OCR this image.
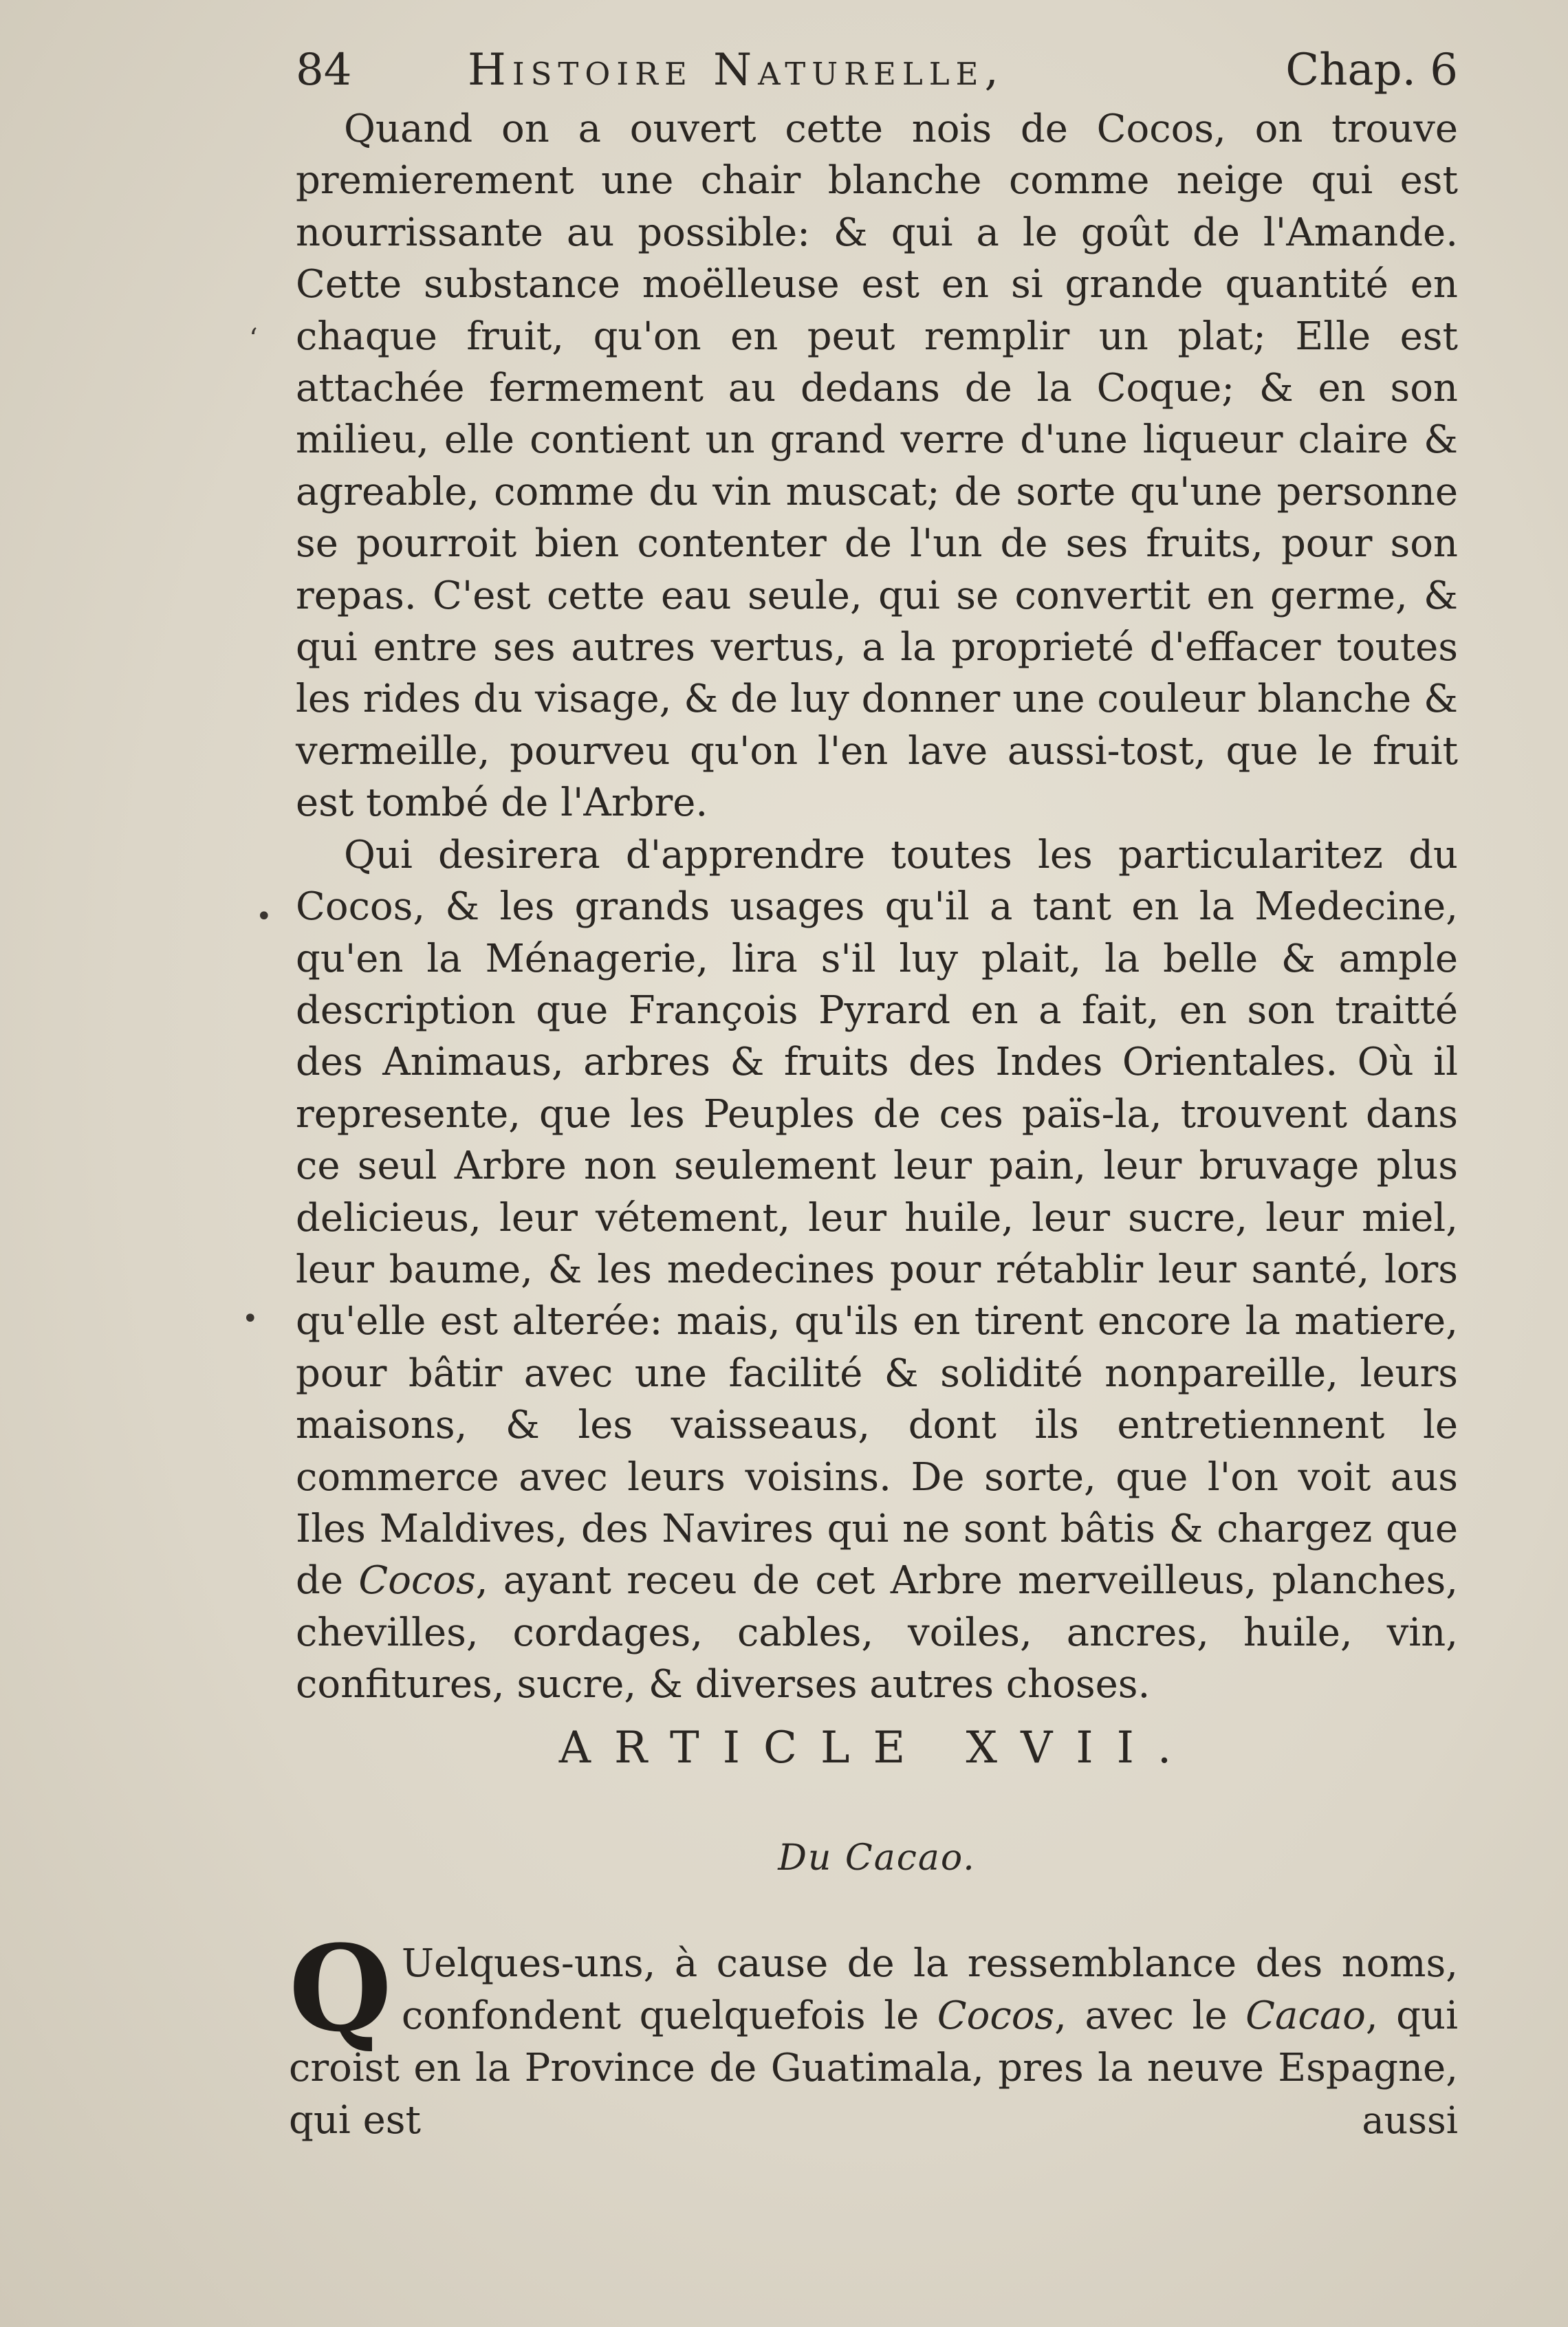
84	Histoire Naturelle,	Chap. 6

Quand on a ouvert cette nois de Cocos, on trouve premierement une chair blanche comme neige qui est nourrissante au possible: & qui a le goût de l'Amande. Cette substance moëlleuse est en si grande quantité en chaque fruit, qu'on en peut remplir un plat; Elle est attachée fermement au dedans de la Coque; & en son milieu, elle contient un grand verre d'une liqueur claire & agreable, comme du vin muscat; de sorte qu'une personne se pourroit bien contenter de l'un de ses fruits, pour son repas. C'est cette eau seule, qui se convertit en germe, & qui entre ses autres vertus, a la proprieté d'effacer toutes les rides du visage, & de luy donner une couleur blanche & vermeille, pourveu qu'on l'en lave aussi-tost, que le fruit est tombé de l'Arbre.

Qui desirera d'apprendre toutes les particularitez du Cocos, & les grands usages qu'il a tant en la Medecine, qu'en la Ménagerie, lira s'il luy plait, la belle & ample description que François Pyrard en a fait, en son traitté des Animaus, arbres & fruits des Indes Orientales. Où il represente, que les Peuples de ces païs-la, trouvent dans ce seul Arbre non seulement leur pain, leur bruvage plus delicieus, leur vétement, leur huile, leur sucre, leur miel, leur baume, & les medecines pour rétablir leur santé, lors qu'elle est alterée: mais, qu'ils en tirent encore la matiere, pour bâtir avec une facilité & solidité nonpareille, leurs maisons, & les vaisseaus, dont ils entretiennent le commerce avec leurs voisins. De sorte, que l'on voit aus Iles Maldives, des Navires qui ne sont bâtis & chargez que de Cocos, ayant receu de cet Arbre merveilleus, planches, chevilles, cordages, cables, voiles, ancres, huile, vin, confitures, sucre, & diverses autres choses.

ARTICLE XVII.
Du Cacao.
Q Uelques-uns, à cause de la ressemblance des noms, confondent quelquefois le Cocos, avec le Cacao, qui croist en la Province de Guatimala, pres la neuve Espagne, qui est	aussi
‘
•
•
